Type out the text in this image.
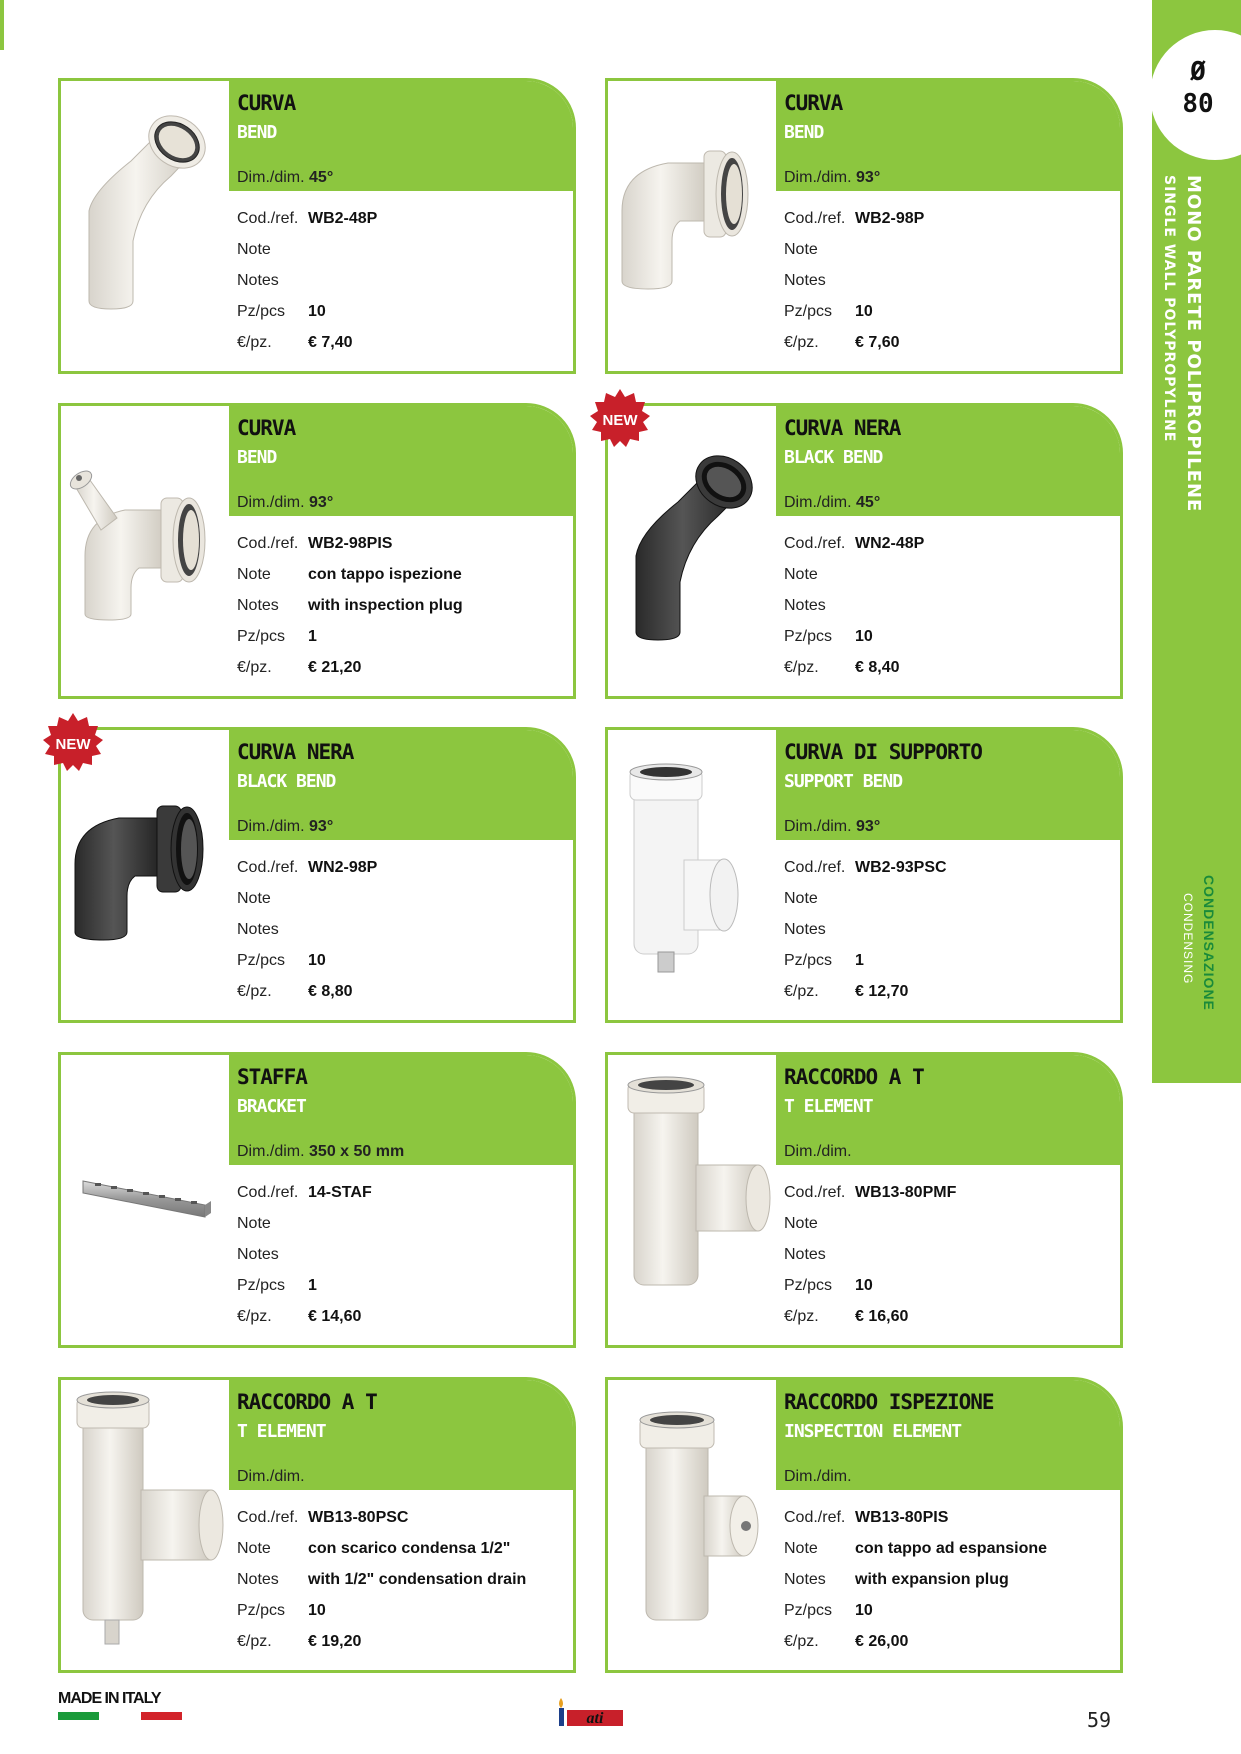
Ø
80
MONO PARETE POLIPROPILENE
SINGLE WALL POLYPROPYLENE
CONDENSAZIONE
CONDENSING
CURVA
BEND
Dim./dim. 45°
Cod./ref. WB2-48P
Note
Notes
Pz/pcs 10
€/pz. € 7,40
CURVA
BEND
Dim./dim. 93°
Cod./ref. WB2-98P
Note
Notes
Pz/pcs 10
€/pz. € 7,60
CURVA
BEND
Dim./dim. 93°
Cod./ref. WB2-98PIS
Note con tappo ispezione
Notes with inspection plug
Pz/pcs 1
€/pz. € 21,20
CURVA NERA
BLACK BEND
Dim./dim. 45°
Cod./ref. WN2-48P
Note
Notes
Pz/pcs 10
€/pz. € 8,40
CURVA NERA
BLACK BEND
Dim./dim. 93°
Cod./ref. WN2-98P
Note
Notes
Pz/pcs 10
€/pz. € 8,80
CURVA DI SUPPORTO
SUPPORT BEND
Dim./dim. 93°
Cod./ref. WB2-93PSC
Note
Notes
Pz/pcs 1
€/pz. € 12,70
STAFFA
BRACKET
Dim./dim. 350 x 50 mm
Cod./ref. 14-STAF
Note
Notes
Pz/pcs 1
€/pz. € 14,60
RACCORDO A T
T ELEMENT
Dim./dim.
Cod./ref. WB13-80PMF
Note
Notes
Pz/pcs 10
€/pz. € 16,60
RACCORDO A T
T ELEMENT
Dim./dim.
Cod./ref. WB13-80PSC
Note con scarico condensa 1/2"
Notes with 1/2" condensation drain
Pz/pcs 10
€/pz. € 19,20
RACCORDO ISPEZIONE
INSPECTION ELEMENT
Dim./dim.
Cod./ref. WB13-80PIS
Note con tappo ad espansione
Notes with expansion plug
Pz/pcs 10
€/pz. € 26,00
NEW
NEW
MADE IN ITALY
ati	59
